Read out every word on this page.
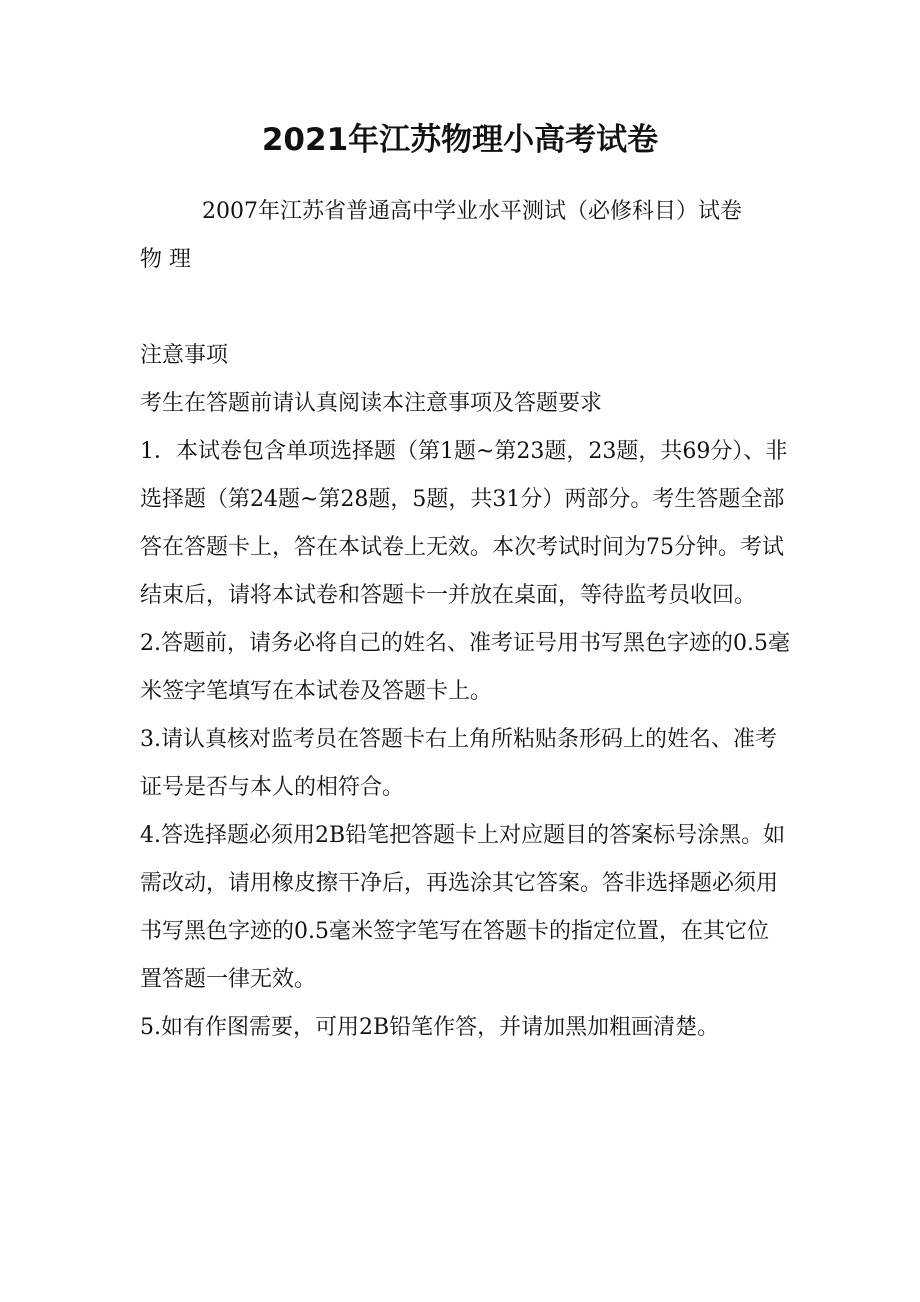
2021年江苏物理小高考试卷

2007年江苏省普通高中学业水平测试（必修科目）试卷

物 理

注意事项

考生在答题前请认真阅读本注意事项及答题要求

1．本试卷包含单项选择题（第1题~第23题，23题，共69分）、非选择题（第24题~第28题，5题，共31分）两部分。考生答题全部答在答题卡上，答在本试卷上无效。本次考试时间为75分钟。考试结束后，请将本试卷和答题卡一并放在桌面，等待监考员收回。

2.答题前，请务必将自己的姓名、准考证号用书写黑色字迹的0.5毫米签字笔填写在本试卷及答题卡上。

3.请认真核对监考员在答题卡右上角所粘贴条形码上的姓名、准考证号是否与本人的相符合。

4.答选择题必须用2B铅笔把答题卡上对应题目的答案标号涂黑。如需改动，请用橡皮擦干净后，再选涂其它答案。答非选择题必须用书写黑色字迹的0.5毫米签字笔写在答题卡的指定位置，在其它位置答题一律无效。

5.如有作图需要，可用2B铅笔作答，并请加黑加粗画清楚。
